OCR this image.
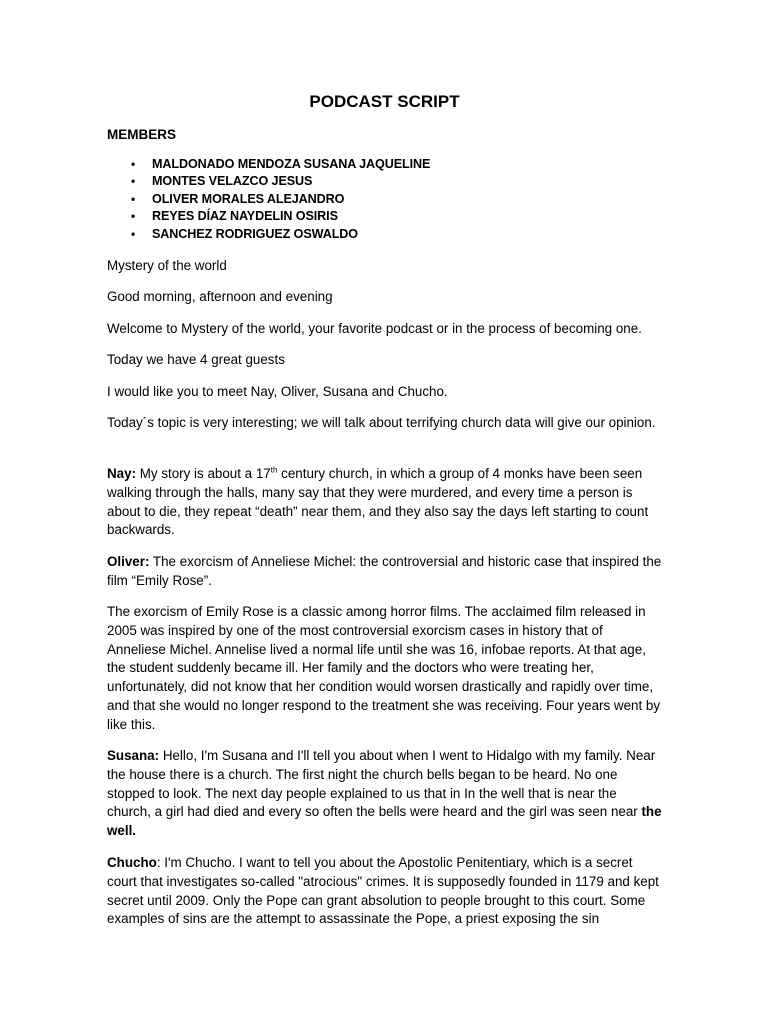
PODCAST SCRIPT
MEMBERS
• MALDONADO MENDOZA SUSANA JAQUELINE
• MONTES VELAZCO JESUS
• OLIVER MORALES ALEJANDRO
• REYES DÍAZ NAYDELIN OSIRIS
• SANCHEZ RODRIGUEZ OSWALDO
Mystery of the world
Good morning, afternoon and evening
Welcome to Mystery of the world, your favorite podcast or in the process of becoming one.
Today we have 4 great guests
I would like you to meet Nay, Oliver, Susana and Chucho.
Today´s topic is very interesting; we will talk about terrifying church data will give our opinion.
Nay: My story is about a 17th century church, in which a group of 4 monks have been seen walking through the halls, many say that they were murdered, and every time a person is about to die, they repeat “death” near them, and they also say the days left starting to count backwards.
Oliver: The exorcism of Anneliese Michel: the controversial and historic case that inspired the film “Emily Rose”.
The exorcism of Emily Rose is a classic among horror films. The acclaimed film released in 2005 was inspired by one of the most controversial exorcism cases in history that of Anneliese Michel. Annelise lived a normal life until she was 16, infobae reports. At that age, the student suddenly became ill. Her family and the doctors who were treating her, unfortunately, did not know that her condition would worsen drastically and rapidly over time, and that she would no longer respond to the treatment she was receiving. Four years went by like this.
Susana: Hello, I'm Susana and I'll tell you about when I went to Hidalgo with my family. Near the house there is a church. The first night the church bells began to be heard. No one stopped to look. The next day people explained to us that in In the well that is near the church, a girl had died and every so often the bells were heard and the girl was seen near the well.
Chucho: I'm Chucho. I want to tell you about the Apostolic Penitentiary, which is a secret court that investigates so-called "atrocious" crimes. It is supposedly founded in 1179 and kept secret until 2009. Only the Pope can grant absolution to people brought to this court. Some examples of sins are the attempt to assassinate the Pope, a priest exposing the sin
